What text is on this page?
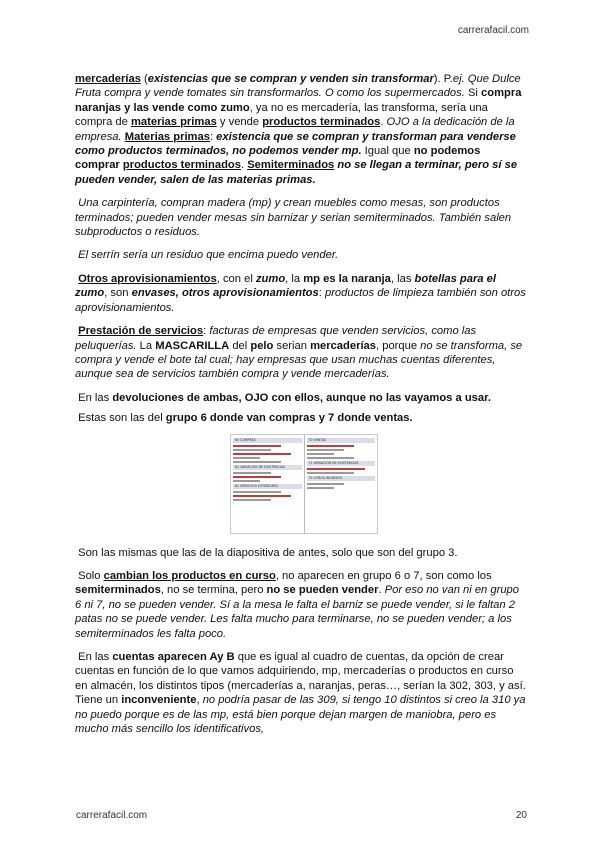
carrerafacil.com

mercaderías (existencias que se compran y venden sin transformar). P.ej. Que Dulce Fruta compra y vende tomates sin transformarlos. O como los supermercados. Si compra naranjas y las vende como zumo, ya no es mercadería, las transforma, sería una compra de materias primas y vende productos terminados. OJO a la dedicación de la empresa. Materias primas: existencia que se compran y transforman para venderse como productos terminados, no podemos vender mp. Igual que no podemos comprar productos terminados. Semiterminados no se llegan a terminar, pero sí se pueden vender, salen de las materias primas.

Una carpintería, compran madera (mp) y crean muebles como mesas, son productos terminados; pueden vender mesas sin barnizar y serian semiterminados. También salen subproductos o residuos.

El serrín sería un residuo que encima puedo vender.

Otros aprovisionamientos, con el zumo, la mp es la naranja, las botellas para el zumo, son envases, otros aprovisionamientos: productos de limpieza también son otros aprovisionamientos.

Prestación de servicios: facturas de empresas que venden servicios, como las peluquerías. La MASCARILLA del pelo serian mercaderías, porque no se transforma, se compra y vende el bote tal cual; hay empresas que usan muchas cuentas diferentes, aunque sea de servicios también compra y vende mercaderías.

En las devoluciones de ambas, OJO con ellos, aunque no las vayamos a usar.

Estas son las del grupo 6 donde van compras y 7 donde ventas.

60 COMPRAS
61 VARIACIÓN DE EXISTENCIAS
62 SERVICIOS EXTERIORES
70 VENTAS
71 VARIACIÓN DE EXISTENCIAS
75 OTROS INGRESOS

Son las mismas que las de la diapositiva de antes, solo que son del grupo 3.

Solo cambian los productos en curso, no aparecen en grupo 6 o 7, son como los semiterminados, no se termina, pero no se pueden vender. Por eso no van ni en grupo 6 ni 7, no se pueden vender. Sí a la mesa le falta el barniz se puede vender, si le faltan 2 patas no se puede vender. Les falta mucho para terminarse, no se pueden vender; a los semiterminados les falta poco.

En las cuentas aparecen Ay B que es igual al cuadro de cuentas, da opción de crear cuentas en función de lo que vamos adquiriendo, mp, mercaderías o productos en curso en almacén, los distintos tipos (mercaderías a, naranjas, peras…, serían la 302, 303, y así. Tiene un inconveniente, no podría pasar de las 309, si tengo 10 distintos si creo la 310 ya no puedo porque es de las mp, está bien porque dejan margen de maniobra, pero es mucho más sencillo los identificativos,

carrerafacil.com	20
